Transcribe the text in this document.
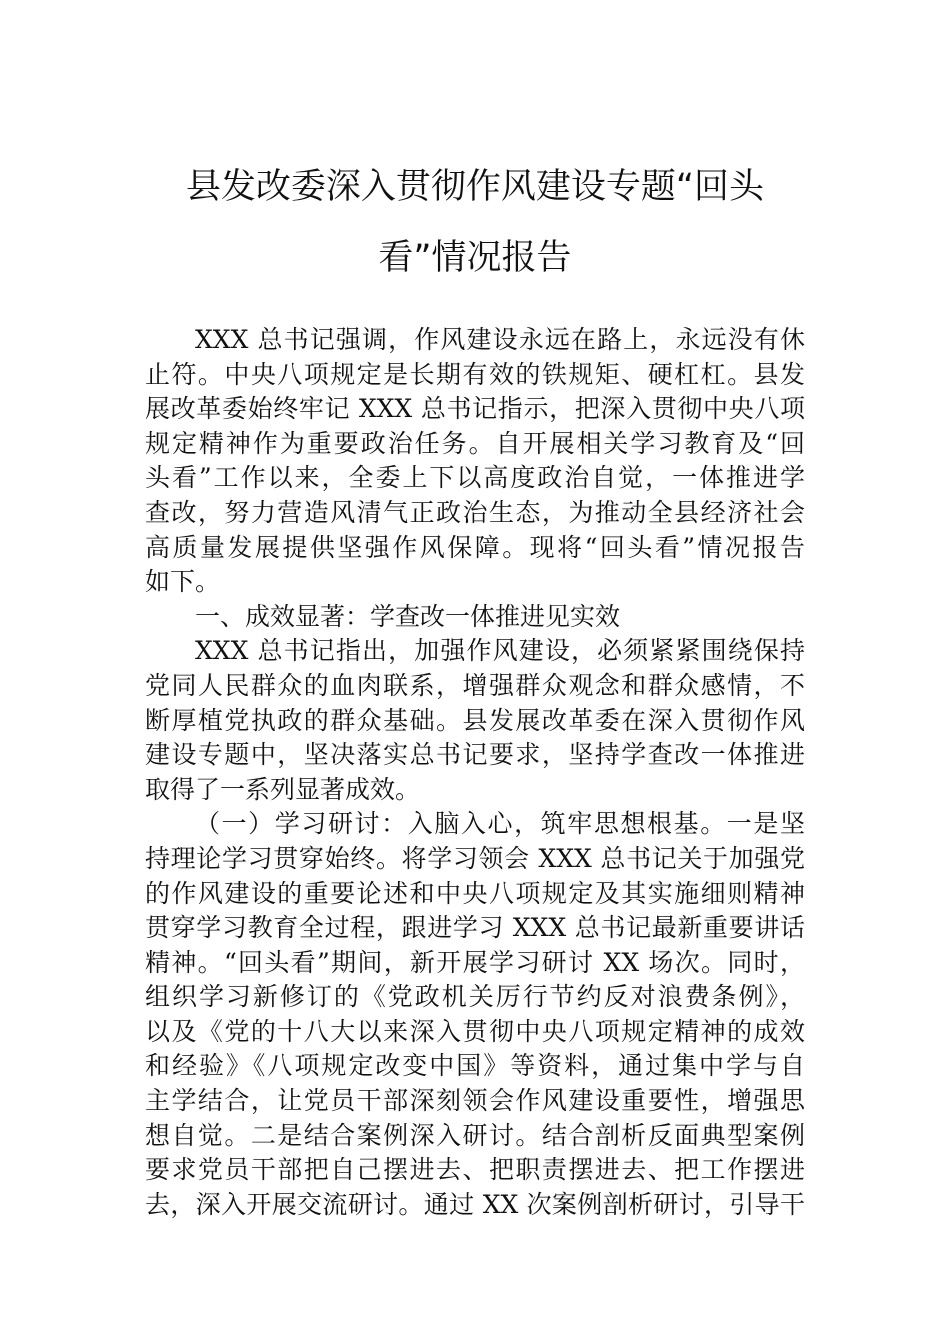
县发改委深入贯彻作风建设专题“回头
看”情况报告
XXX 总书记强调，作风建设永远在路上，永远没有休
止符。中央八项规定是长期有效的铁规矩、硬杠杠。县发
展改革委始终牢记 XXX 总书记指示，把深入贯彻中央八项
规定精神作为重要政治任务。自开展相关学习教育及“回
头看”工作以来，全委上下以高度政治自觉，一体推进学
查改，努力营造风清气正政治生态，为推动全县经济社会
高质量发展提供坚强作风保障。现将“回头看”情况报告
如下。
一、成效显著：学查改一体推进见实效
XXX 总书记指出，加强作风建设，必须紧紧围绕保持
党同人民群众的血肉联系，增强群众观念和群众感情，不
断厚植党执政的群众基础。县发展改革委在深入贯彻作风
建设专题中，坚决落实总书记要求，坚持学查改一体推进
取得了一系列显著成效。
（一）学习研讨：入脑入心，筑牢思想根基。一是坚
持理论学习贯穿始终。将学习领会 XXX 总书记关于加强党
的作风建设的重要论述和中央八项规定及其实施细则精神
贯穿学习教育全过程，跟进学习 XXX 总书记最新重要讲话
精神。“回头看”期间，新开展学习研讨 XX 场次。同时，
组织学习新修订的《党政机关厉行节约反对浪费条例》，
以及《党的十八大以来深入贯彻中央八项规定精神的成效
和经验》《八项规定改变中国》等资料，通过集中学与自
主学结合，让党员干部深刻领会作风建设重要性，增强思
想自觉。二是结合案例深入研讨。结合剖析反面典型案例
要求党员干部把自己摆进去、把职责摆进去、把工作摆进
去，深入开展交流研讨。通过 XX 次案例剖析研讨，引导干
